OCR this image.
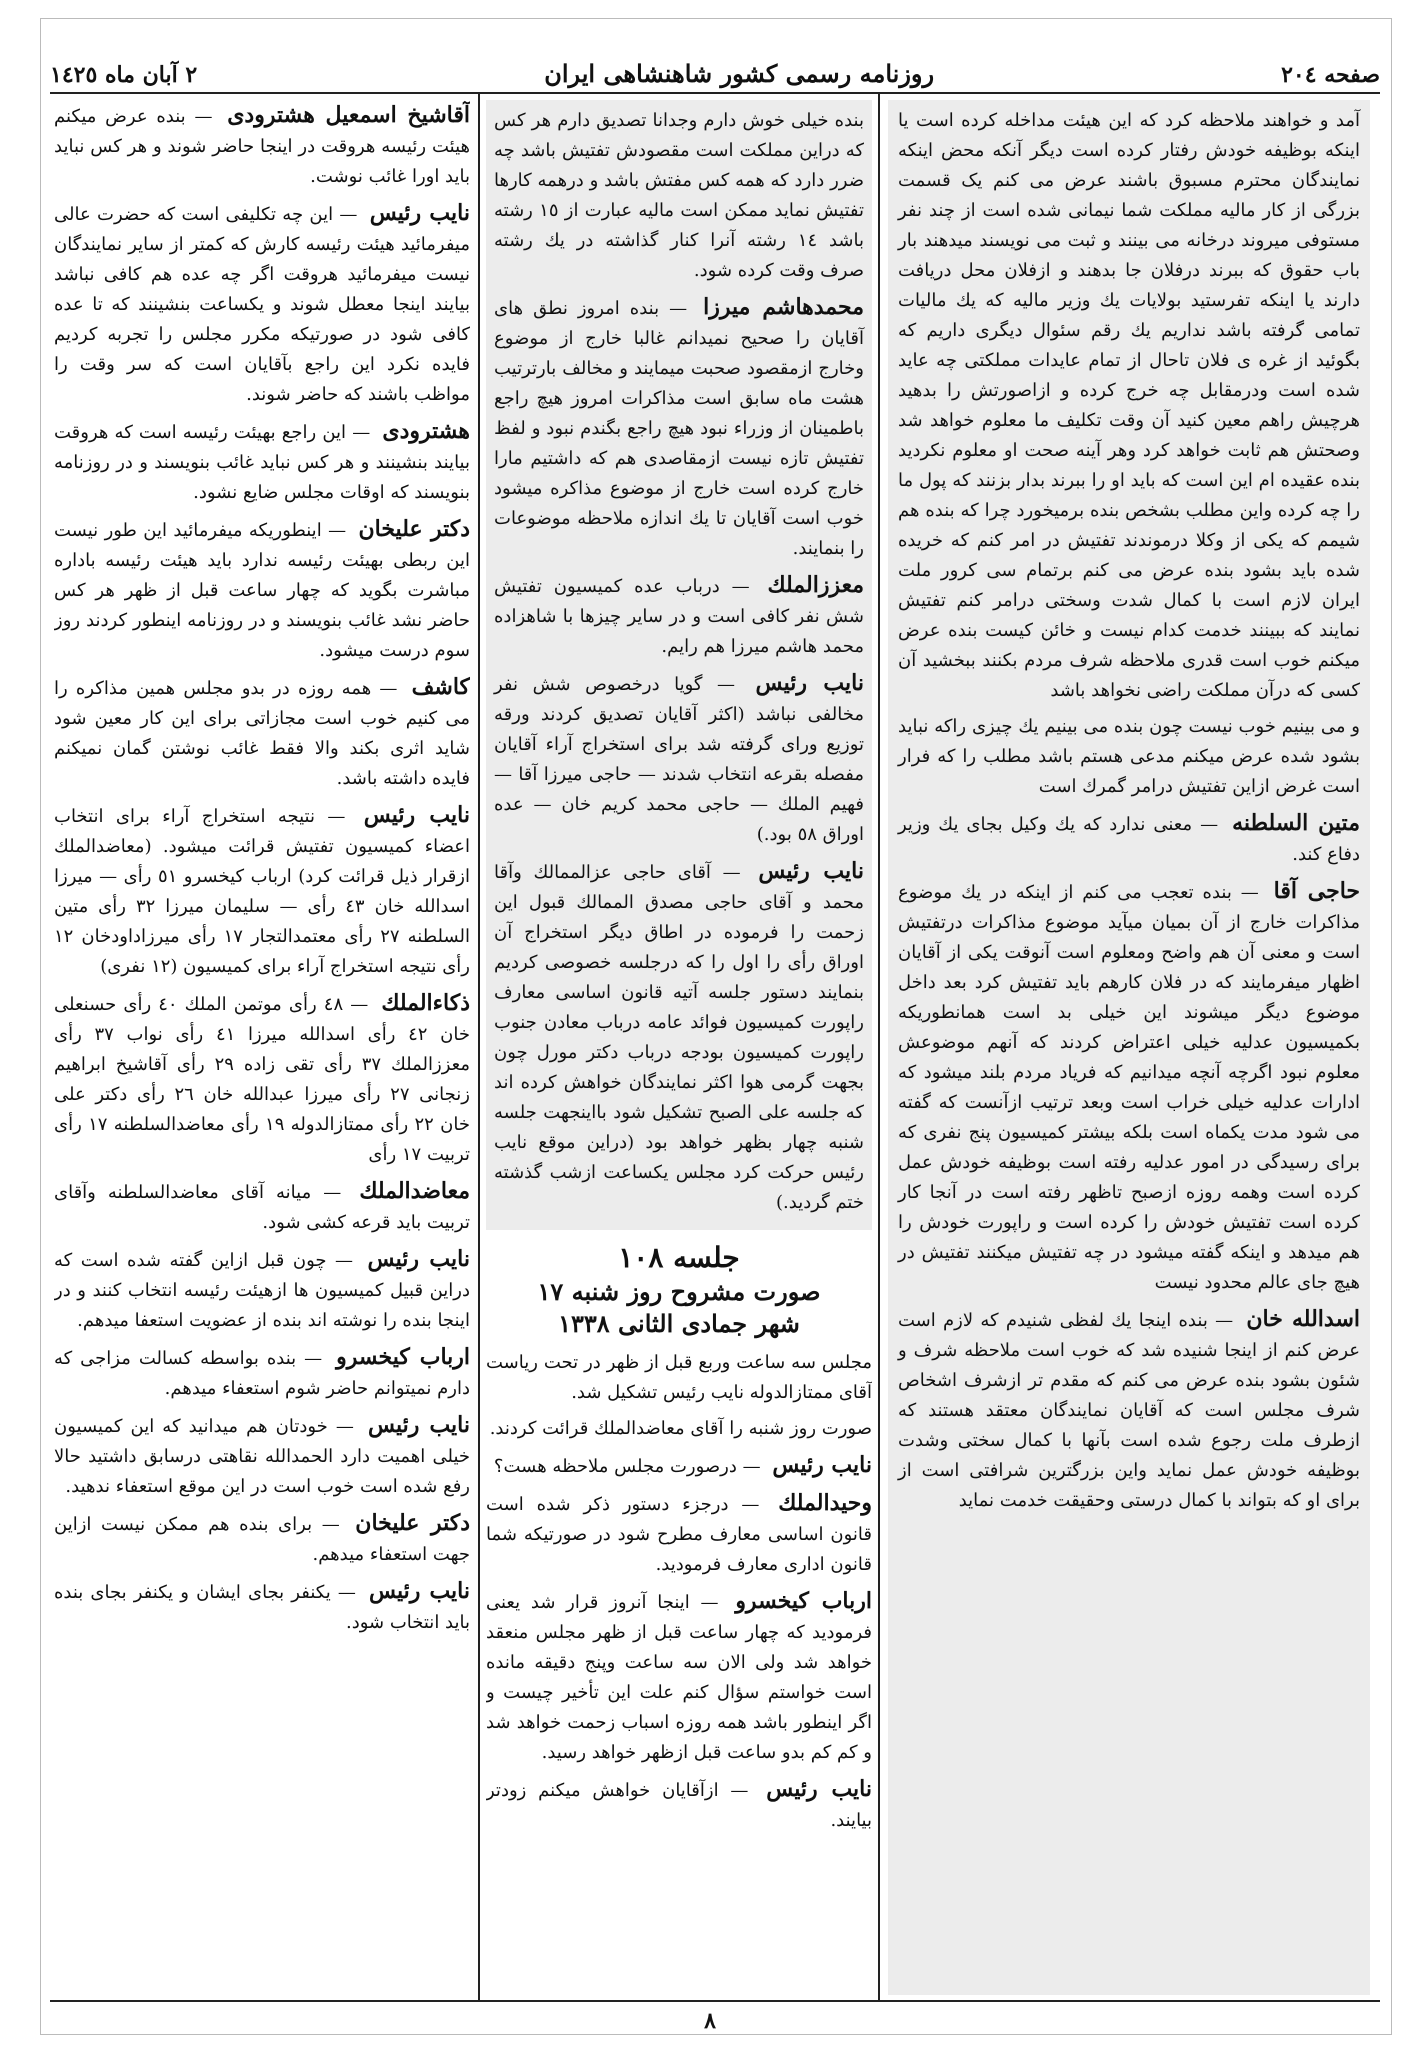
صفحه ٢٠٤
روزنامه رسمی کشور شاهنشاهی ایران
٢ آبان ماه ١٤٢٥

آمد و خواهند ملاحظه کرد که این هیئت مداخله کرده است یا اینکه بوظیفه خودش رفتار کرده است دیگر آنکه محض اینکه نمایندگان محترم مسبوق باشند عرض می کنم یک قسمت بزرگی از کار مالیه مملکت شما نیمانی شده است از چند نفر مستوفی میروند درخانه می بینند و ثبت می نویسند میدهند بار باب حقوق که ببرند درفلان جا بدهند و ازفلان محل دریافت دارند یا اینکه تفرستید بولایات یك وزیر مالیه که یك مالیات تمامی گرفته باشد نداریم یك رقم سئوال دیگری داریم که بگوئید از غره ی فلان تاحال از تمام عایدات مملکتی چه عاید شده است ودرمقابل چه خرج کرده و ازاصورتش را بدهید هرچیش راهم معین کنید آن وقت تکلیف ما معلوم خواهد شد وصحتش هم ثابت خواهد کرد وهر آینه صحت او معلوم نکردید بنده عقیده ام این است که باید او را ببرند بدار بزنند که پول ما را چه کرده واین مطلب بشخص بنده برمیخورد چرا که بنده هم شیمم که یکی از وکلا درموندند تفتیش در امر کنم که خریده شده باید بشود بنده عرض می کنم برتمام سی کرور ملت ایران لازم است با کمال شدت وسختی درامر کنم تفتیش نمایند که ببینند خدمت کدام نیست و خائن کیست بنده عرض میکنم خوب است قدری ملاحظه شرف مردم بکنند ببخشید آن کسی که درآن مملکت راضی نخواهد باشد

و می بینیم خوب نیست چون بنده می بینیم یك چیزی راکه نباید بشود شده عرض میکنم مدعی هستم باشد مطلب را که فرار است غرض ازاین تفتیش درامر گمرك است

متین السلطنه — معنی ندارد که یك وکیل بجای یك وزیر دفاع کند.

حاجی آقا — بنده تعجب می کنم از اینکه در یك موضوع مذاکرات خارج از آن بمیان میآید موضوع مذاکرات درتفتیش است و معنی آن هم واضح ومعلوم است آنوقت یکی از آقایان اظهار میفرمایند که در فلان کارهم باید تفتیش کرد بعد داخل موضوع دیگر میشوند این خیلی بد است همانطوریکه بکمیسیون عدلیه خیلی اعتراض کردند که آنهم موضوعش معلوم نبود اگرچه آنچه میدانیم که فریاد مردم بلند میشود که ادارات عدلیه خیلی خراب است وبعد ترتیب ازآنست که گفته می شود مدت یکماه است بلکه بیشتر کمیسیون پنج نفری که برای رسیدگی در امور عدلیه رفته است بوظیفه خودش عمل کرده است وهمه روزه ازصبح تاظهر رفته است در آنجا کار کرده است تفتیش خودش را کرده است و راپورت خودش را هم میدهد و اینکه گفته میشود در چه تفتیش میکنند تفتیش در هیچ جای عالم محدود نیست

اسدالله خان — بنده اینجا یك لفظی شنیدم که لازم است عرض کنم از اینجا شنیده شد که خوب است ملاحظه شرف و شئون بشود بنده عرض می کنم که مقدم تر ازشرف اشخاص شرف مجلس است که آقایان نمایندگان معتقد هستند که ازطرف ملت رجوع شده است بآنها با کمال سختی وشدت بوظیفه خودش عمل نماید واین بزرگترین شرافتی است از برای او که بتواند با کمال درستی وحقیقت خدمت نماید

بنده خیلی خوش دارم وجدانا تصدیق دارم هر کس که دراین مملکت است مقصودش تفتیش باشد چه ضرر دارد که همه کس مفتش باشد و درهمه کارها تفتیش نماید ممکن است مالیه عبارت از ١٥ رشته باشد ١٤ رشته آنرا کنار گذاشته در یك رشته صرف وقت کرده شود.

محمدهاشم میرزا — بنده امروز نطق های آقایان را صحیح نمیدانم غالبا خارج از موضوع وخارج ازمقصود صحبت میمایند و مخالف بارترتیب هشت ماه سابق است مذاکرات امروز هیچ راجع باطمینان از وزراء نبود هیچ راجع بگندم نبود و لفظ تفتیش تازه نیست ازمقاصدی هم که داشتیم مارا خارج کرده است خارج از موضوع مذاکره میشود خوب است آقایان تا یك اندازه ملاحظه موضوعات را بنمایند.

معززالملك — درباب عده کمیسیون تفتیش شش نفر کافی است و در سایر چیزها با شاهزاده محمد هاشم میرزا هم رایم.

نایب رئیس — گویا درخصوص شش نفر مخالفی نباشد (اکثر آقایان تصدیق کردند ورقه توزیع ورای گرفته شد برای استخراج آراء آقایان مفصله بقرعه انتخاب شدند — حاجی میرزا آقا — فهیم الملك — حاجی محمد کریم خان — عده اوراق ٥٨ بود.)

نایب رئیس — آقای حاجی عزالممالك وآقا محمد و آقای حاجی مصدق الممالك قبول این زحمت را فرموده در اطاق دیگر استخراج آن اوراق رأی را اول را که درجلسه خصوصی کردیم بنمایند دستور جلسه آتیه قانون اساسی معارف راپورت کمیسیون فوائد عامه درباب معادن جنوب راپورت کمیسیون بودجه درباب دکتر مورل چون بجهت گرمی هوا اکثر نمایندگان خواهش کرده اند که جلسه علی الصبح تشکیل شود بااینجهت جلسه شنبه چهار بظهر خواهد بود (دراین موقع نایب رئیس حرکت کرد مجلس یکساعت ازشب گذشته ختم گردید.)

جلسه ١٠٨
صورت مشروح روز شنبه ١٧
شهر جمادی الثانی ١٣٣٨

مجلس سه ساعت وربع قبل از ظهر در تحت ریاست آقای ممتازالدوله نایب رئیس تشکیل شد.

صورت روز شنبه را آقای معاضدالملك قرائت کردند.

نایب رئیس — درصورت مجلس ملاحظه هست؟

وحیدالملك — درجزء دستور ذکر شده است قانون اساسی معارف مطرح شود در صورتیکه شما قانون اداری معارف فرمودید.

ارباب کیخسرو — اینجا آنروز قرار شد یعنی فرمودید که چهار ساعت قبل از ظهر مجلس منعقد خواهد شد ولی الان سه ساعت وپنج دقیقه مانده است خواستم سؤال کنم علت این تأخیر چیست و اگر اینطور باشد همه روزه اسباب زحمت خواهد شد و کم کم بدو ساعت قبل ازظهر خواهد رسید.

نایب رئیس — ازآقایان خواهش میکنم زودتر بیایند.

آقاشیخ اسمعیل هشترودی — بنده عرض میکنم هیئت رئیسه هروقت در اینجا حاضر شوند و هر کس نباید باید اورا غائب نوشت.

نایب رئیس — این چه تکلیفی است که حضرت عالی میفرمائید هیئت رئیسه کارش که کمتر از سایر نمایندگان نیست میفرمائید هروقت اگر چه عده هم کافی نباشد بیایند اینجا معطل شوند و یکساعت بنشینند که تا عده کافی شود در صورتیکه مکرر مجلس را تجربه کردیم فایده نکرد این راجع بآقایان است که سر وقت را مواظب باشند که حاضر شوند.

هشترودی — این راجع بهیئت رئیسه است که هروقت بیایند بنشینند و هر کس نباید غائب بنویسند و در روزنامه بنویسند که اوقات مجلس ضایع نشود.

دکتر علیخان — اینطوریکه میفرمائید این طور نیست این ربطی بهیئت رئیسه ندارد باید هیئت رئیسه باداره مباشرت بگوید که چهار ساعت قبل از ظهر هر کس حاضر نشد غائب بنویسند و در روزنامه اینطور کردند روز سوم درست میشود.

کاشف — همه روزه در بدو مجلس همین مذاکره را می کنیم خوب است مجازاتی برای این کار معین شود شاید اثری بکند والا فقط غائب نوشتن گمان نمیکنم فایده داشته باشد.

نایب رئیس — نتیجه استخراج آراء برای انتخاب اعضاء کمیسیون تفتیش قرائت میشود. (معاضدالملك ازقرار ذیل قرائت کرد) ارباب کیخسرو ٥١ رأی — میرزا اسدالله خان ٤٣ رأی — سلیمان میرزا ٣٢ رأی متین السلطنه ٢٧ رأی معتمدالتجار ١٧ رأی میرزاداودخان ١٢ رأی نتیجه استخراج آراء برای کمیسیون (١٢ نفری)

ذکاءالملك — ٤٨ رأی موتمن الملك ٤٠ رأی حسنعلی خان ٤٢ رأی اسدالله میرزا ٤١ رأی نواب ٣٧ رأی معززالملك ٣٧ رأی تقی زاده ٢٩ رأی آقاشیخ ابراهیم زنجانی ٢٧ رأی میرزا عبدالله خان ٢٦ رأی دکتر علی خان ٢٢ رأی ممتازالدوله ١٩ رأی معاضدالسلطنه ١٧ رأی تربیت ١٧ رأی

معاضدالملك — میانه آقای معاضدالسلطنه وآقای تربیت باید قرعه کشی شود.

نایب رئیس — چون قبل ازاین گفته شده است که دراین قبیل کمیسیون ها ازهیئت رئیسه انتخاب کنند و در اینجا بنده را نوشته اند بنده از عضویت استعفا میدهم.

ارباب کیخسرو — بنده بواسطه کسالت مزاجی که دارم نمیتوانم حاضر شوم استعفاء میدهم.

نایب رئیس — خودتان هم میدانید که این کمیسیون خیلی اهمیت دارد الحمدالله نقاهتی درسابق داشتید حالا رفع شده است خوب است در این موقع استعفاء ندهید.

دکتر علیخان — برای بنده هم ممکن نیست ازاین جهت استعفاء میدهم.

نایب رئیس — یکنفر بجای ایشان و یکنفر بجای بنده باید انتخاب شود.

٨
